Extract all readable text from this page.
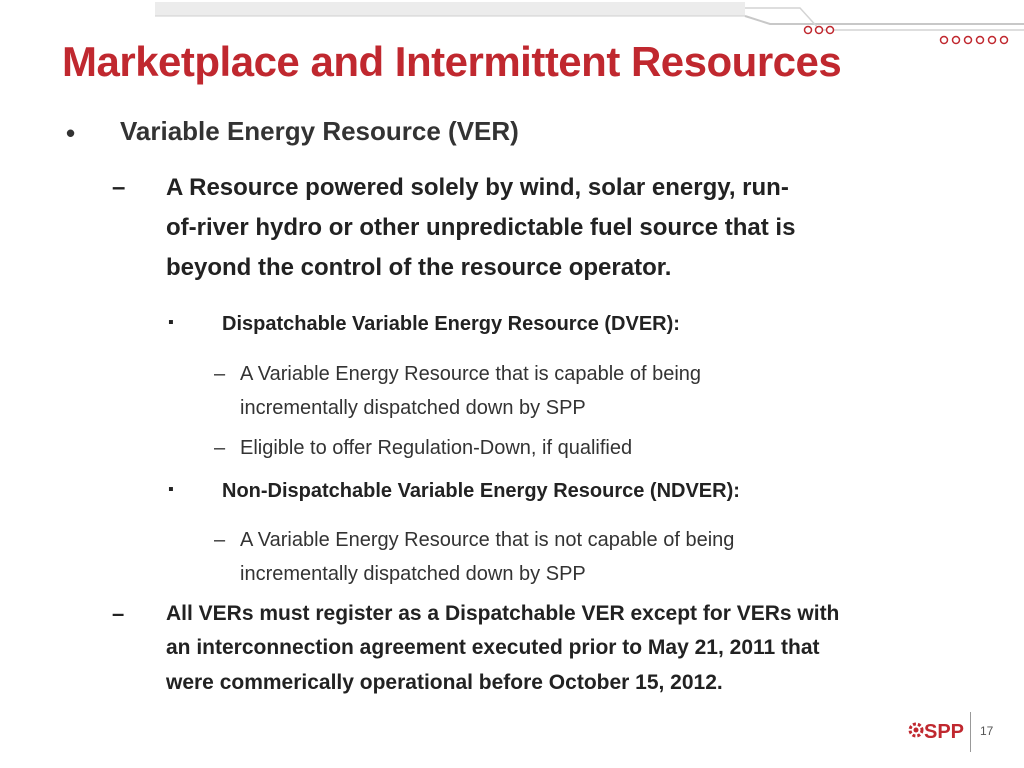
Marketplace and Intermittent Resources
• Variable Energy Resource (VER)
– A Resource powered solely by wind, solar energy, run-
of-river hydro or other unpredictable fuel source that is
beyond the control of the resource operator.
▪ Dispatchable Variable Energy Resource (DVER):
– A Variable Energy Resource that is capable of being
incrementally dispatched down by SPP
– Eligible to offer Regulation-Down, if qualified
▪ Non-Dispatchable Variable Energy Resource (NDVER):
– A Variable Energy Resource that is not capable of being
incrementally dispatched down by SPP
– All VERs must register as a Dispatchable VER except for VERs with
an interconnection agreement executed prior to May 21, 2011 that
were commerically operational before October 15, 2012.
SPP 17
